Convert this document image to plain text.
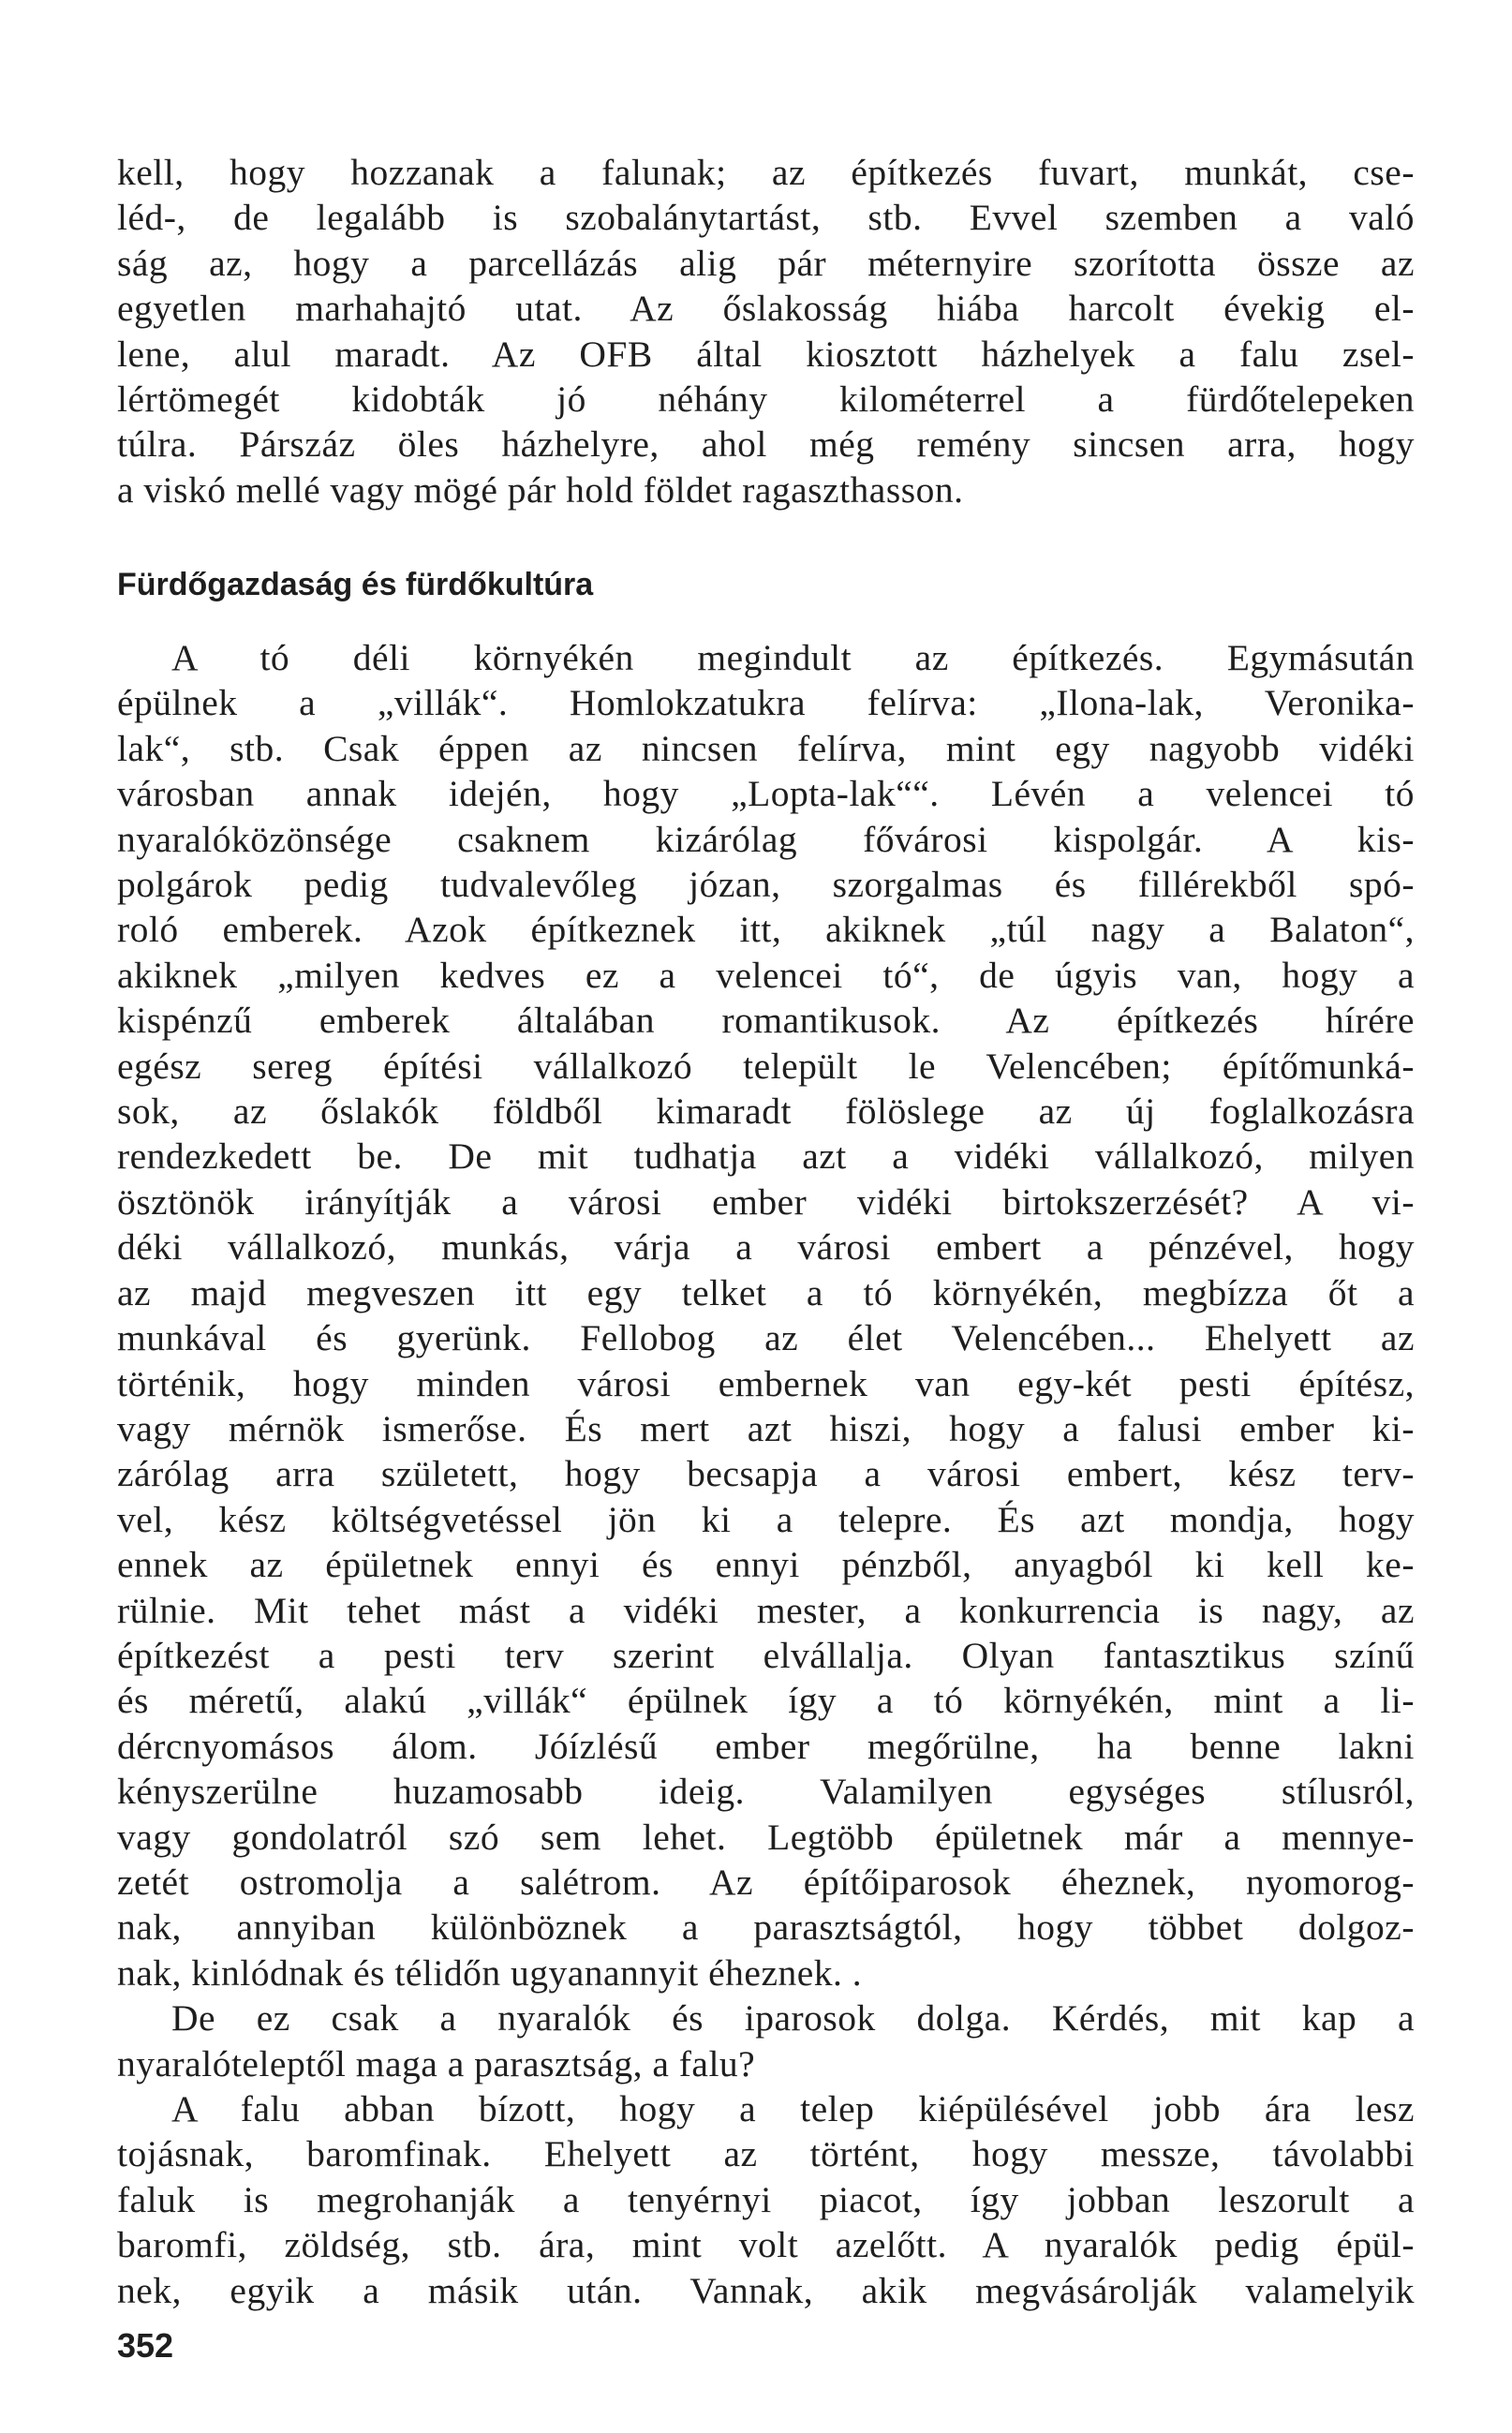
kell, hogy hozzanak a falunak; az építkezés fuvart, munkát, cse-
léd-, de legalább is szobalánytartást, stb. Evvel szemben a való
ság az, hogy a parcellázás alig pár méternyire szorította össze az
egyetlen marhahajtó utat. Az őslakosság hiába harcolt évekig el-
lene, alul maradt. Az OFB által kiosztott házhelyek a falu zsel-
lértömegét kidobták jó néhány kilométerrel a fürdőtelepeken
túlra. Párszáz öles házhelyre, ahol még remény sincsen arra, hogy
a viskó mellé vagy mögé pár hold földet ragaszthasson.
Fürdőgazdaság és fürdőkultúra
A tó déli környékén megindult az építkezés. Egymásután
épülnek a „villák“. Homlokzatukra felírva: „Ilona-lak, Veronika-
lak“, stb. Csak éppen az nincsen felírva, mint egy nagyobb vidéki
városban annak idején, hogy „Lopta-lak““. Lévén a velencei tó
nyaralóközönsége csaknem kizárólag fővárosi kispolgár. A kis-
polgárok pedig tudvalevőleg józan, szorgalmas és fillérekből spó-
roló emberek. Azok építkeznek itt, akiknek „túl nagy a Balaton“,
akiknek „milyen kedves ez a velencei tó“, de úgyis van, hogy a
kispénzű emberek általában romantikusok. Az építkezés hírére
egész sereg építési vállalkozó települt le Velencében; építőmunká-
sok, az őslakók földből kimaradt fölöslege az új foglalkozásra
rendezkedett be. De mit tudhatja azt a vidéki vállalkozó, milyen
ösztönök irányítják a városi ember vidéki birtokszerzését? A vi-
déki vállalkozó, munkás, várja a városi embert a pénzével, hogy
az majd megveszen itt egy telket a tó környékén, megbízza őt a
munkával és gyerünk. Fellobog az élet Velencében... Ehelyett az
történik, hogy minden városi embernek van egy-két pesti építész,
vagy mérnök ismerőse. És mert azt hiszi, hogy a falusi ember ki-
zárólag arra született, hogy becsapja a városi embert, kész terv-
vel, kész költségvetéssel jön ki a telepre. És azt mondja, hogy
ennek az épületnek ennyi és ennyi pénzből, anyagból ki kell ke-
rülnie. Mit tehet mást a vidéki mester, a konkurrencia is nagy, az
építkezést a pesti terv szerint elvállalja. Olyan fantasztikus színű
és méretű, alakú „villák“ épülnek így a tó környékén, mint a li-
dércnyomásos álom. Jóízlésű ember megőrülne, ha benne lakni
kényszerülne huzamosabb ideig. Valamilyen egységes stílusról,
vagy gondolatról szó sem lehet. Legtöbb épületnek már a mennye-
zetét ostromolja a salétrom. Az építőiparosok éheznek, nyomorog-
nak, annyiban különböznek a parasztságtól, hogy többet dolgoz-
nak, kinlódnak és télidőn ugyanannyit éheznek. .
De ez csak a nyaralók és iparosok dolga. Kérdés, mit kap a
nyaralóteleptől maga a parasztság, a falu?
A falu abban bízott, hogy a telep kiépülésével jobb ára lesz
tojásnak, baromfinak. Ehelyett az történt, hogy messze, távolabbi
faluk is megrohanják a tenyérnyi piacot, így jobban leszorult a
baromfi, zöldség, stb. ára, mint volt azelőtt. A nyaralók pedig épül-
nek, egyik a másik után. Vannak, akik megvásárolják valamelyik
352
